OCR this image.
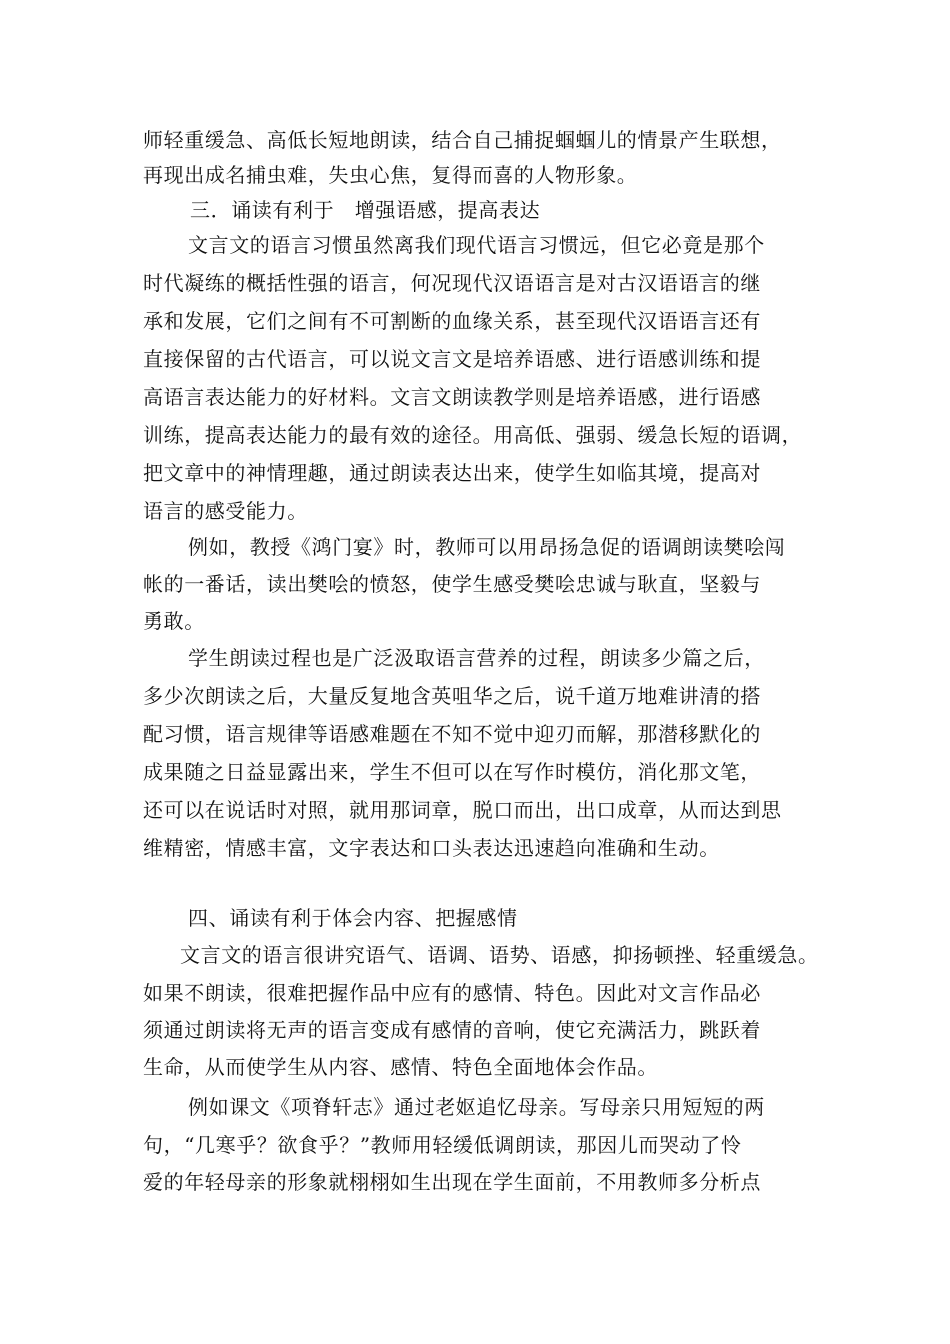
师轻重缓急、高低长短地朗读，结合自己捕捉蝈蝈儿的情景产生联想，
再现出成名捕虫难，失虫心焦，复得而喜的人物形象。
三．诵读有利于　增强语感，提高表达
文言文的语言习惯虽然离我们现代语言习惯远，但它必竟是那个
时代凝练的概括性强的语言，何况现代汉语语言是对古汉语语言的继
承和发展，它们之间有不可割断的血缘关系，甚至现代汉语语言还有
直接保留的古代语言，可以说文言文是培养语感、进行语感训练和提
高语言表达能力的好材料。文言文朗读教学则是培养语感，进行语感
训练，提高表达能力的最有效的途径。用高低、强弱、缓急长短的语调，
把文章中的神情理趣，通过朗读表达出来，使学生如临其境，提高对
语言的感受能力。
例如，教授《鸿门宴》时，教师可以用昂扬急促的语调朗读樊哙闯
帐的一番话，读出樊哙的愤怒，使学生感受樊哙忠诚与耿直，坚毅与
勇敢。
学生朗读过程也是广泛汲取语言营养的过程，朗读多少篇之后，
多少次朗读之后，大量反复地含英咀华之后，说千道万地难讲清的搭
配习惯，语言规律等语感难题在不知不觉中迎刃而解，那潜移默化的
成果随之日益显露出来，学生不但可以在写作时模仿，消化那文笔，
还可以在说话时对照，就用那词章，脱口而出，出口成章，从而达到思
维精密，情感丰富，文字表达和口头表达迅速趋向准确和生动。
四、诵读有利于体会内容、把握感情
文言文的语言很讲究语气、语调、语势、语感，抑扬顿挫、轻重缓急。
如果不朗读，很难把握作品中应有的感情、特色。因此对文言作品必
须通过朗读将无声的语言变成有感情的音响，使它充满活力，跳跃着
生命，从而使学生从内容、感情、特色全面地体会作品。
例如课文《项脊轩志》通过老妪追忆母亲。写母亲只用短短的两
句，“几寒乎？欲食乎？”教师用轻缓低调朗读，那因儿而哭动了怜
爱的年轻母亲的形象就栩栩如生出现在学生面前，不用教师多分析点
